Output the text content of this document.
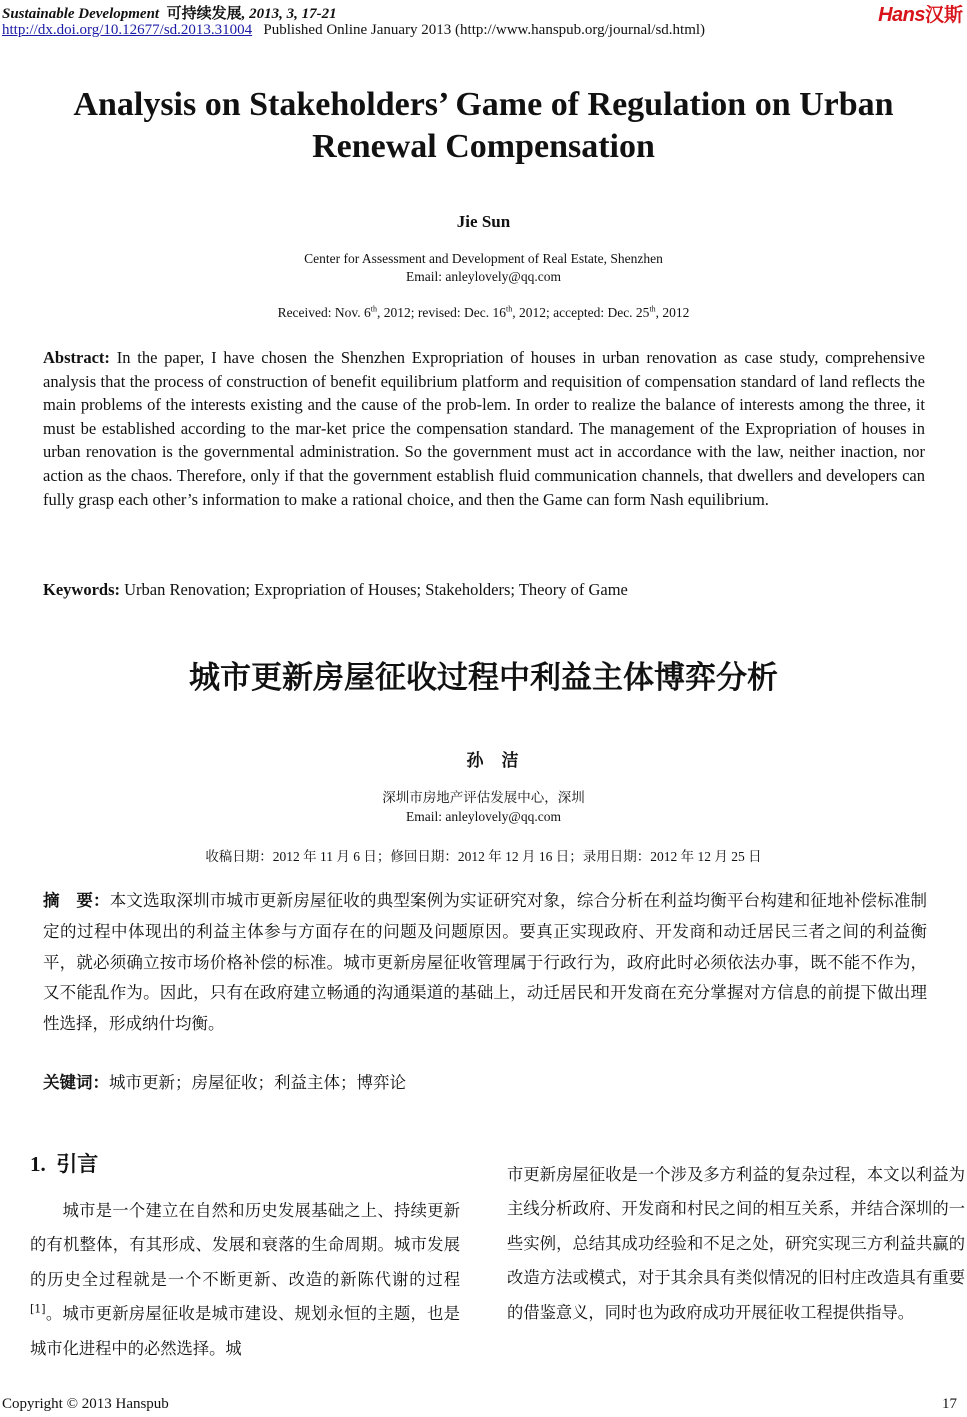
Sustainable Development 可持续发展, 2013, 3, 17-21
http://dx.doi.org/10.12677/sd.2013.31004 Published Online January 2013 (http://www.hanspub.org/journal/sd.html)
Hans汉斯
Analysis on Stakeholders’ Game of Regulation on Urban Renewal Compensation
Jie Sun
Center for Assessment and Development of Real Estate, Shenzhen
Email: anleylovely@qq.com
Received: Nov. 6th, 2012; revised: Dec. 16th, 2012; accepted: Dec. 25th, 2012
Abstract: In the paper, I have chosen the Shenzhen Expropriation of houses in urban renovation as case study, comprehensive analysis that the process of construction of benefit equilibrium platform and requisition of compensation standard of land reflects the main problems of the interests existing and the cause of the prob-lem. In order to realize the balance of interests among the three, it must be established according to the mar-ket price the compensation standard. The management of the Expropriation of houses in urban renovation is the governmental administration. So the government must act in accordance with the law, neither inaction, nor action as the chaos. Therefore, only if that the government establish fluid communication channels, that dwellers and developers can fully grasp each other’s information to make a rational choice, and then the Game can form Nash equilibrium.
Keywords: Urban Renovation; Expropriation of Houses; Stakeholders; Theory of Game
城市更新房屋征收过程中利益主体博弈分析
孙洁
深圳市房地产评估发展中心，深圳
Email: anleylovely@qq.com
收稿日期：2012 年 11 月 6 日；修回日期：2012 年 12 月 16 日；录用日期：2012 年 12 月 25 日
摘　要：本文选取深圳市城市更新房屋征收的典型案例为实证研究对象，综合分析在利益均衡平台构建和征地补偿标准制定的过程中体现出的利益主体参与方面存在的问题及问题原因。要真正实现政府、开发商和动迁居民三者之间的利益衡平，就必须确立按市场价格补偿的标准。城市更新房屋征收管理属于行政行为，政府此时必须依法办事，既不能不作为，又不能乱作为。因此，只有在政府建立畅通的沟通渠道的基础上，动迁居民和开发商在充分掌握对方信息的前提下做出理性选择，形成纳什均衡。
关键词：城市更新；房屋征收；利益主体；博弈论
1. 引言
城市是一个建立在自然和历史发展基础之上、持续更新的有机整体，有其形成、发展和衰落的生命周期。城市发展的历史全过程就是一个不断更新、改造的新陈代谢的过程[1]。城市更新房屋征收是城市建设、规划永恒的主题，也是城市化进程中的必然选择。城
市更新房屋征收是一个涉及多方利益的复杂过程，本文以利益为主线分析政府、开发商和村民之间的相互关系，并结合深圳的一些实例，总结其成功经验和不足之处，研究实现三方利益共赢的改造方法或模式，对于其余具有类似情况的旧村庄改造具有重要的借鉴意义，同时也为政府成功开展征收工程提供指导。
Copyright © 2013 Hanspub	17
